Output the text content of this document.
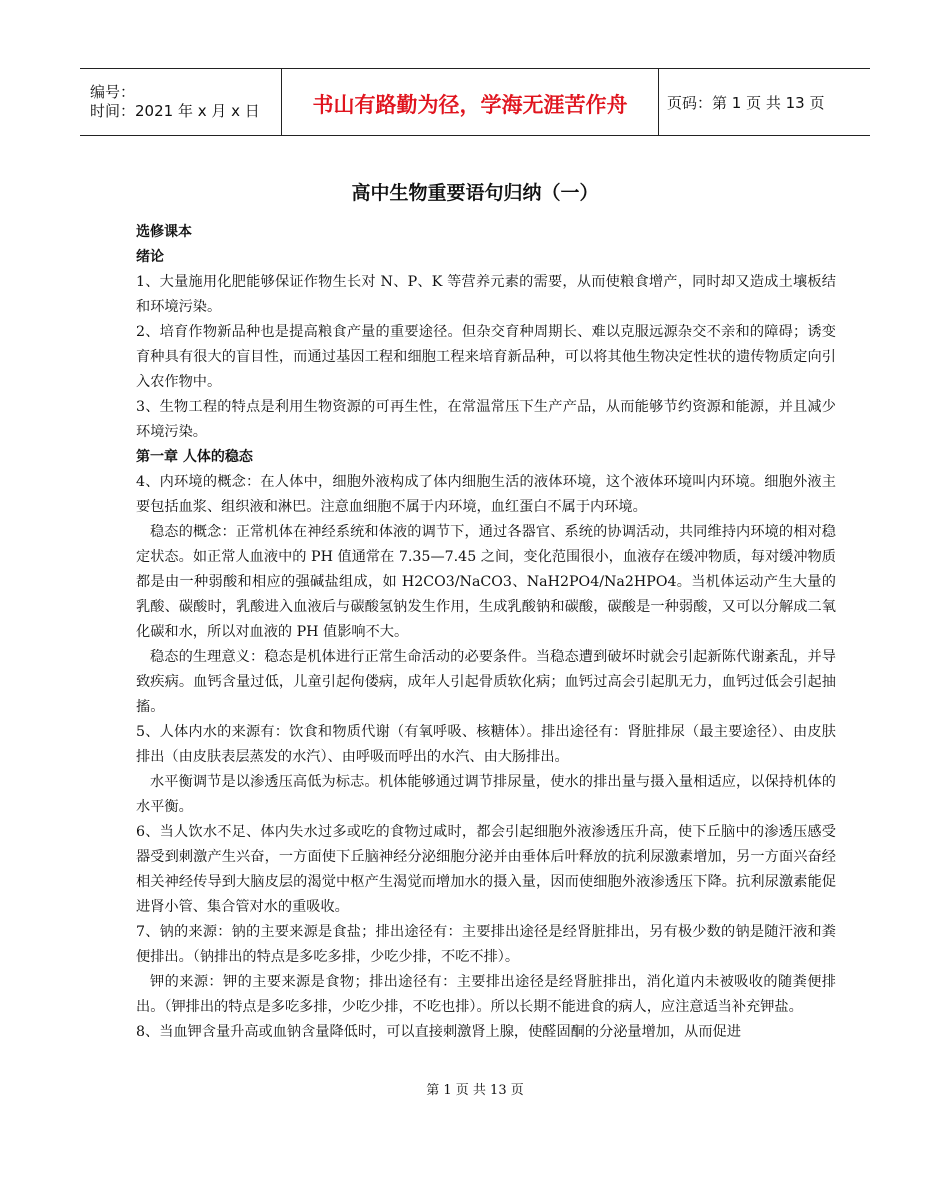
编号：
时间：2021 年 x 月 x 日	书山有路勤为径，学海无涯苦作舟	页码：第 1 页 共 13 页
高中生物重要语句归纳（一）

选修课本

绪论

1、大量施用化肥能够保证作物生长对 N、P、K 等营养元素的需要，从而使粮食增产，同时却又造成土壤板结和环境污染。

2、培育作物新品种也是提高粮食产量的重要途径。但杂交育种周期长、难以克服远源杂交不亲和的障碍；诱变育种具有很大的盲目性，而通过基因工程和细胞工程来培育新品种，可以将其他生物决定性状的遗传物质定向引入农作物中。

3、生物工程的特点是利用生物资源的可再生性，在常温常压下生产产品，从而能够节约资源和能源，并且减少环境污染。

第一章 人体的稳态

4、内环境的概念：在人体中，细胞外液构成了体内细胞生活的液体环境，这个液体环境叫内环境。细胞外液主要包括血浆、组织液和淋巴。注意血细胞不属于内环境，血红蛋白不属于内环境。

稳态的概念：正常机体在神经系统和体液的调节下，通过各器官、系统的协调活动，共同维持内环境的相对稳定状态。如正常人血液中的 PH 值通常在 7.35—7.45 之间，变化范围很小，血液存在缓冲物质，每对缓冲物质都是由一种弱酸和相应的强碱盐组成，如 H2CO3/NaCO3、NaH2PO4/Na2HPO4。当机体运动产生大量的乳酸、碳酸时，乳酸进入血液后与碳酸氢钠发生作用，生成乳酸钠和碳酸，碳酸是一种弱酸，又可以分解成二氧化碳和水，所以对血液的 PH 值影响不大。

稳态的生理意义：稳态是机体进行正常生命活动的必要条件。当稳态遭到破坏时就会引起新陈代谢紊乱，并导致疾病。血钙含量过低，儿童引起佝偻病，成年人引起骨质软化病；血钙过高会引起肌无力，血钙过低会引起抽搐。

5、人体内水的来源有：饮食和物质代谢（有氧呼吸、核糖体）。排出途径有：肾脏排尿（最主要途径）、由皮肤排出（由皮肤表层蒸发的水汽）、由呼吸而呼出的水汽、由大肠排出。

水平衡调节是以渗透压高低为标志。机体能够通过调节排尿量，使水的排出量与摄入量相适应，以保持机体的水平衡。

6、当人饮水不足、体内失水过多或吃的食物过咸时，都会引起细胞外液渗透压升高，使下丘脑中的渗透压感受器受到刺激产生兴奋，一方面使下丘脑神经分泌细胞分泌并由垂体后叶释放的抗利尿激素增加，另一方面兴奋经相关神经传导到大脑皮层的渴觉中枢产生渴觉而增加水的摄入量，因而使细胞外液渗透压下降。抗利尿激素能促进肾小管、集合管对水的重吸收。

7、钠的来源：钠的主要来源是食盐；排出途径有：主要排出途径是经肾脏排出，另有极少数的钠是随汗液和粪便排出。（钠排出的特点是多吃多排，少吃少排，不吃不排）。

钾的来源：钾的主要来源是食物；排出途径有：主要排出途径是经肾脏排出，消化道内未被吸收的随粪便排出。（钾排出的特点是多吃多排，少吃少排，不吃也排）。所以长期不能进食的病人，应注意适当补充钾盐。

8、当血钾含量升高或血钠含量降低时，可以直接刺激肾上腺，使醛固酮的分泌量增加，从而促进

第 1 页 共 13 页
